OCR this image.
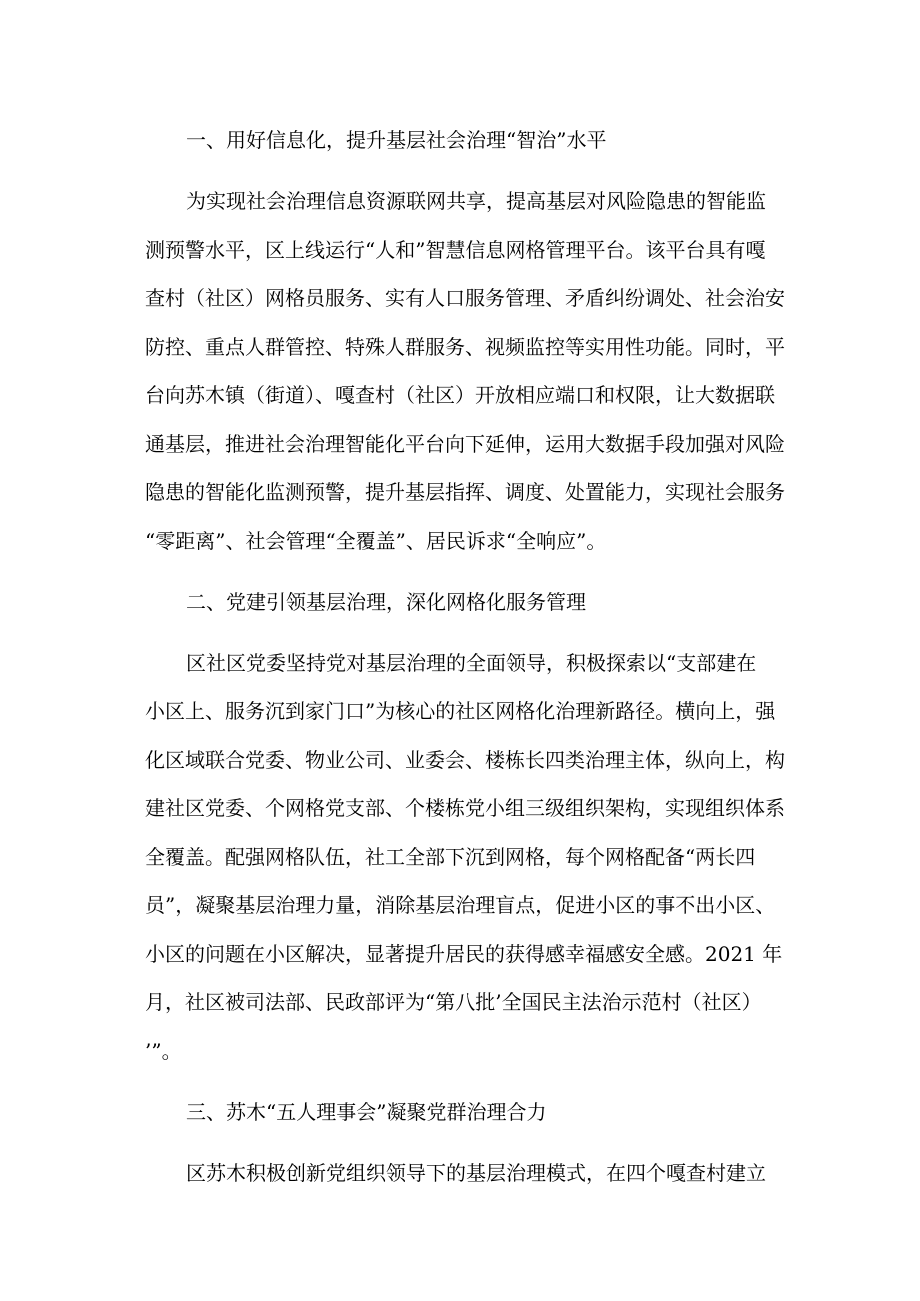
一、用好信息化，提升基层社会治理“智治”水平
为实现社会治理信息资源联网共享，提高基层对风险隐患的智能监
测预警水平，区上线运行“人和”智慧信息网格管理平台。该平台具有嘎
查村（社区）网格员服务、实有人口服务管理、矛盾纠纷调处、社会治安
防控、重点人群管控、特殊人群服务、视频监控等实用性功能。同时，平
台向苏木镇（街道）、嘎查村（社区）开放相应端口和权限，让大数据联
通基层，推进社会治理智能化平台向下延伸，运用大数据手段加强对风险
隐患的智能化监测预警，提升基层指挥、调度、处置能力，实现社会服务
“零距离”、社会管理“全覆盖”、居民诉求“全响应”。
二、党建引领基层治理，深化网格化服务管理
区社区党委坚持党对基层治理的全面领导，积极探索以“支部建在
小区上、服务沉到家门口”为核心的社区网格化治理新路径。横向上，强
化区域联合党委、物业公司、业委会、楼栋长四类治理主体，纵向上，构
建社区党委、个网格党支部、个楼栋党小组三级组织架构，实现组织体系
全覆盖。配强网格队伍，社工全部下沉到网格，每个网格配备“两长四
员”，凝聚基层治理力量，消除基层治理盲点，促进小区的事不出小区、
小区的问题在小区解决，显著提升居民的获得感幸福感安全感。2021 年
月，社区被司法部、民政部评为“第八批’全国民主法治示范村（社区）
’”。
三、苏木“五人理事会”凝聚党群治理合力
区苏木积极创新党组织领导下的基层治理模式，在四个嘎查村建立
